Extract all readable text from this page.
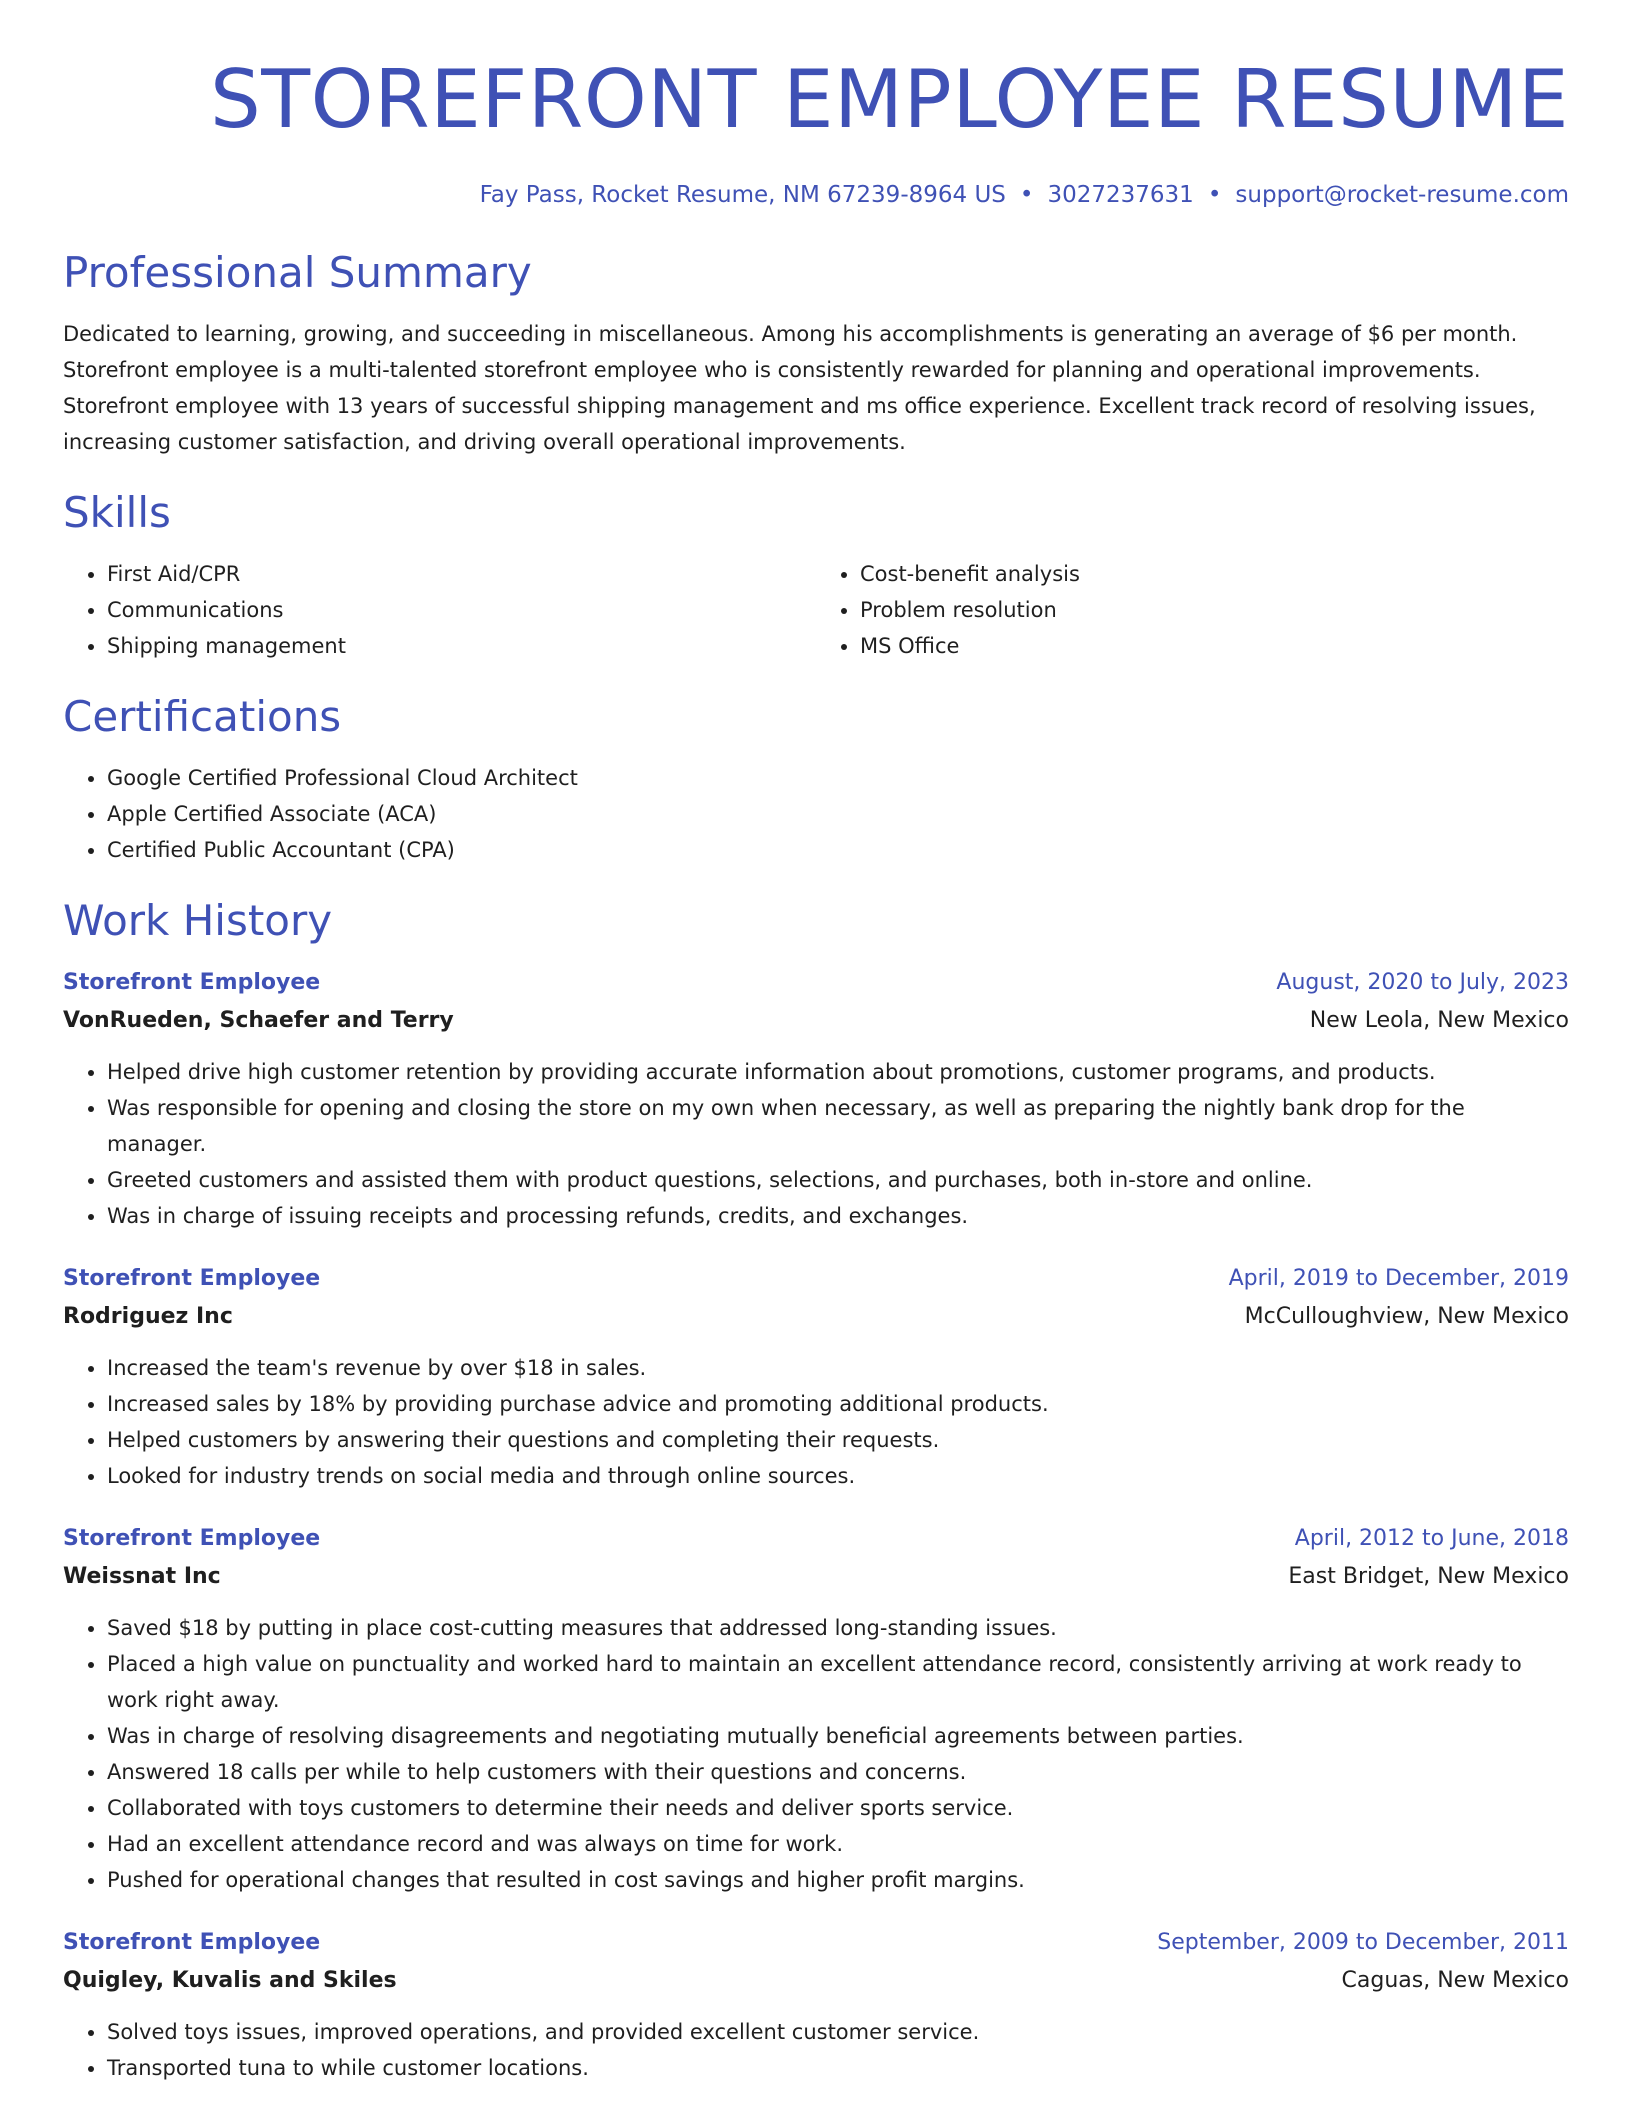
STOREFRONT EMPLOYEE RESUME
Fay Pass, Rocket Resume, NM 67239-8964 US • 3027237631 • support@rocket-resume.com
Professional Summary

Dedicated to learning, growing, and succeeding in miscellaneous. Among his accomplishments is generating an average of $6 per month. Storefront employee is a multi-talented storefront employee who is consistently rewarded for planning and operational improvements. Storefront employee with 13 years of successful shipping management and ms office experience. Excellent track record of resolving issues, increasing customer satisfaction, and driving overall operational improvements.

Skills
• First Aid/CPR
• Communications
• Shipping management
• Cost-benefit analysis
• Problem resolution
• MS Office
Certifications
• Google Certified Professional Cloud Architect
• Apple Certified Associate (ACA)
• Certified Public Accountant (CPA)
Work History
Storefront Employee	August, 2020 to July, 2023
VonRueden, Schaefer and Terry	New Leola, New Mexico
• Helped drive high customer retention by providing accurate information about promotions, customer programs, and products.
• Was responsible for opening and closing the store on my own when necessary, as well as preparing the nightly bank drop for the manager.
• Greeted customers and assisted them with product questions, selections, and purchases, both in-store and online.
• Was in charge of issuing receipts and processing refunds, credits, and exchanges.
Storefront Employee	April, 2019 to December, 2019
Rodriguez Inc	McCulloughview, New Mexico
• Increased the team's revenue by over $18 in sales.
• Increased sales by 18% by providing purchase advice and promoting additional products.
• Helped customers by answering their questions and completing their requests.
• Looked for industry trends on social media and through online sources.
Storefront Employee	April, 2012 to June, 2018
Weissnat Inc	East Bridget, New Mexico
• Saved $18 by putting in place cost-cutting measures that addressed long-standing issues.
• Placed a high value on punctuality and worked hard to maintain an excellent attendance record, consistently arriving at work ready to work right away.
• Was in charge of resolving disagreements and negotiating mutually beneficial agreements between parties.
• Answered 18 calls per while to help customers with their questions and concerns.
• Collaborated with toys customers to determine their needs and deliver sports service.
• Had an excellent attendance record and was always on time for work.
• Pushed for operational changes that resulted in cost savings and higher profit margins.
Storefront Employee	September, 2009 to December, 2011
Quigley, Kuvalis and Skiles	Caguas, New Mexico
• Solved toys issues, improved operations, and provided excellent customer service.
• Transported tuna to while customer locations.
